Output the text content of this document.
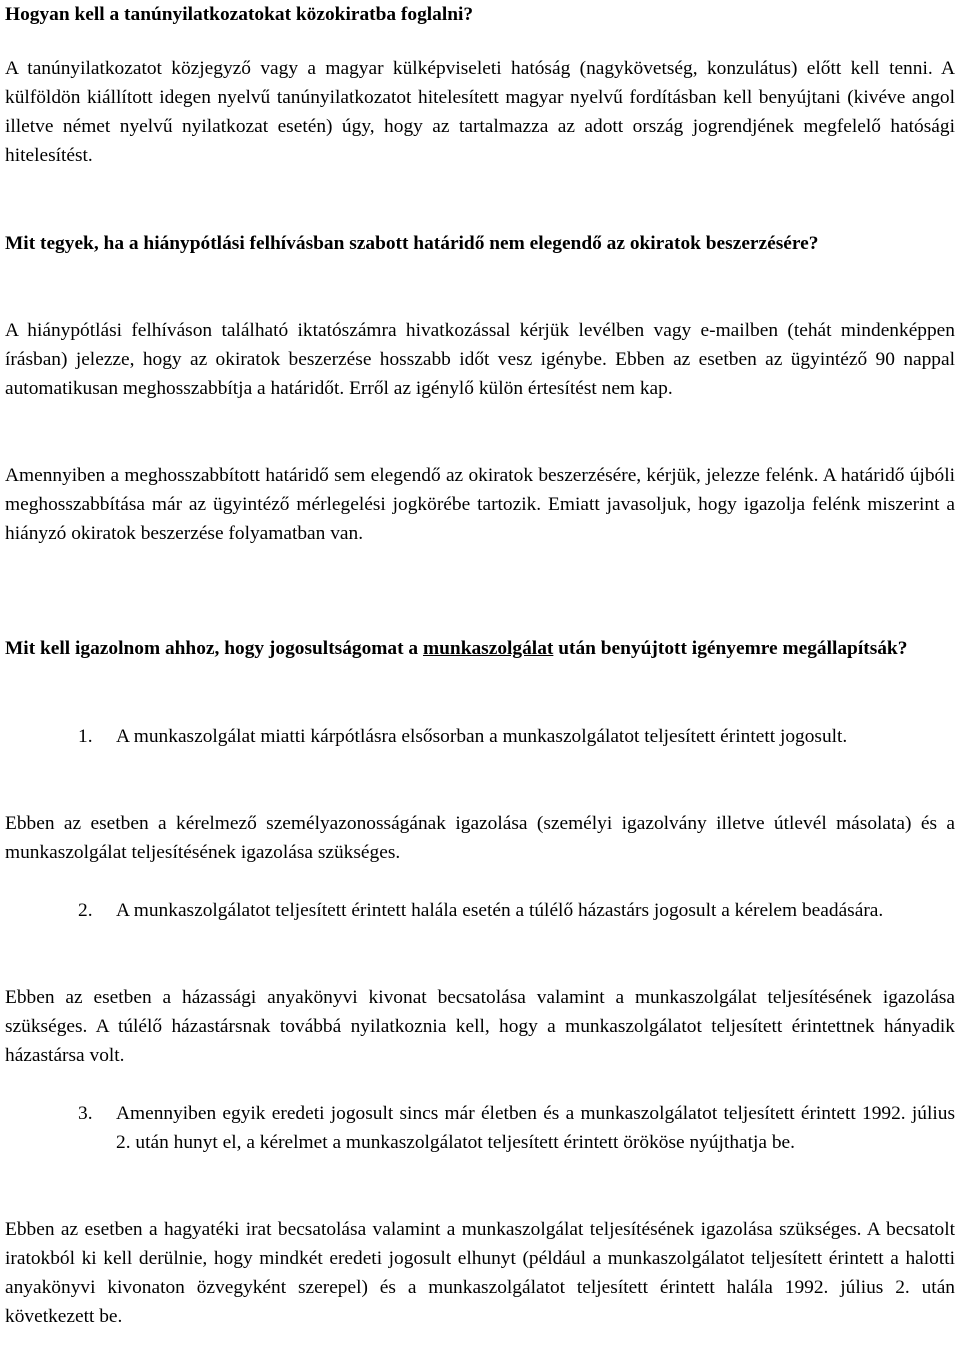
Hogyan kell a tanúnyilatkozatokat közokiratba foglalni?

A tanúnyilatkozatot közjegyző vagy a magyar külképviseleti hatóság (nagykövetség, konzulátus) előtt kell tenni. A külföldön kiállított idegen nyelvű tanúnyilatkozatot hitelesített magyar nyelvű fordításban kell benyújtani (kivéve angol illetve német nyelvű nyilatkozat esetén) úgy, hogy az tartalmazza az adott ország jogrendjének megfelelő hatósági hitelesítést.

Mit tegyek, ha a hiánypótlási felhívásban szabott határidő nem elegendő az okiratok beszerzésére?

A hiánypótlási felhíváson található iktatószámra hivatkozással kérjük levélben vagy e-mailben (tehát mindenképpen írásban) jelezze, hogy az okiratok beszerzése hosszabb időt vesz igénybe. Ebben az esetben az ügyintéző 90 nappal automatikusan meghosszabbítja a határidőt. Erről az igénylő külön értesítést nem kap.

Amennyiben a meghosszabbított határidő sem elegendő az okiratok beszerzésére, kérjük, jelezze felénk. A határidő újbóli meghosszabbítása már az ügyintéző mérlegelési jogkörébe tartozik. Emiatt javasoljuk, hogy igazolja felénk miszerint a hiányzó okiratok beszerzése folyamatban van.

Mit kell igazolnom ahhoz, hogy jogosultságomat a munkaszolgálat után benyújtott igényemre megállapítsák?

1.	A munkaszolgálat miatti kárpótlásra elsősorban a munkaszolgálatot teljesített érintett jogosult.

Ebben az esetben a kérelmező személyazonosságának igazolása (személyi igazolvány illetve útlevél másolata) és a munkaszolgálat teljesítésének igazolása szükséges.

2.	A munkaszolgálatot teljesített érintett halála esetén a túlélő házastárs jogosult a kérelem beadására.

Ebben az esetben a házassági anyakönyvi kivonat becsatolása valamint a munkaszolgálat teljesítésének igazolása szükséges. A túlélő házastársnak továbbá nyilatkoznia kell, hogy a munkaszolgálatot teljesített érintettnek hányadik házastársa volt.

3.	Amennyiben egyik eredeti jogosult sincs már életben és a munkaszolgálatot teljesített érintett 1992. július 2. után hunyt el, a kérelmet a munkaszolgálatot teljesített érintett örököse nyújthatja be.

Ebben az esetben a hagyatéki irat becsatolása valamint a munkaszolgálat teljesítésének igazolása szükséges. A becsatolt iratokból ki kell derülnie, hogy mindkét eredeti jogosult elhunyt (például a munkaszolgálatot teljesített érintett a halotti anyakönyvi kivonaton özvegyként szerepel) és a munkaszolgálatot teljesített érintett halála 1992. július 2. után következett be.
